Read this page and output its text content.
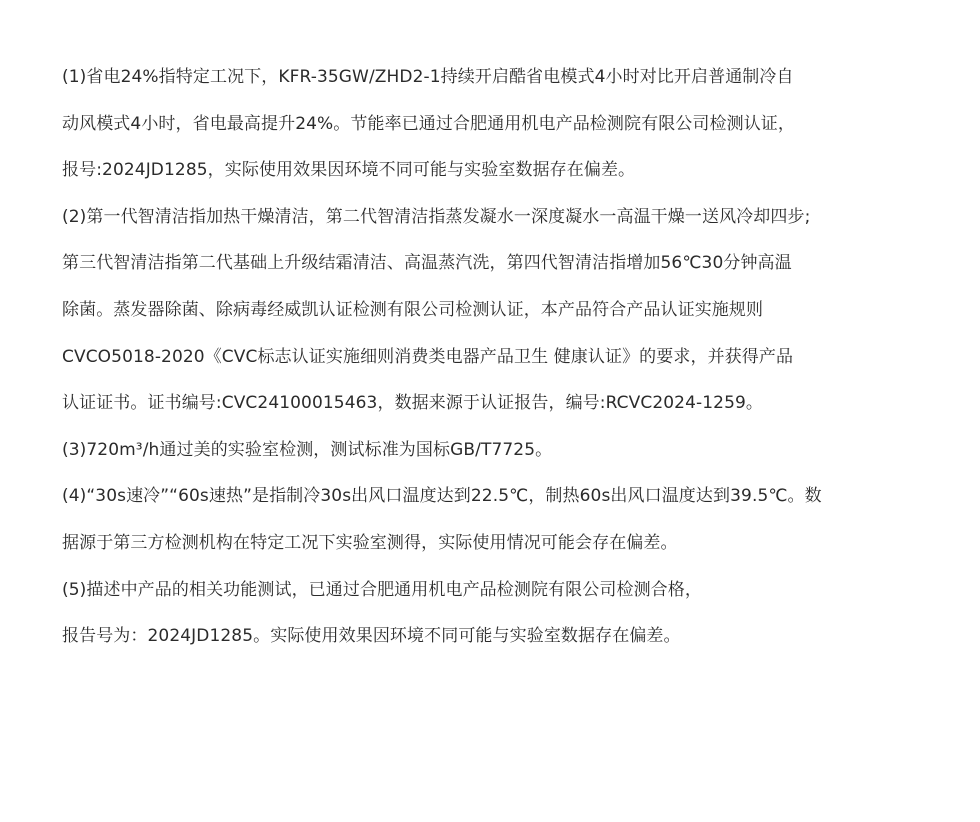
(1)省电24%指特定工况下，KFR-35GW/ZHD2-1持续开启酷省电模式4小时对比开启普通制冷自
动风模式4小时，省电最高提升24%。节能率已通过合肥通用机电产品检测院有限公司检测认证，
报号:2024JD1285，实际使用效果因环境不同可能与实验室数据存在偏差。
(2)第一代智清洁指加热干燥清洁，第二代智清洁指蒸发凝水一深度凝水一高温干燥一送风冷却四步;
第三代智清洁指第二代基础上升级结霜清洁、高温蒸汽洗，第四代智清洁指增加56℃30分钟高温
除菌。蒸发器除菌、除病毒经威凯认证检测有限公司检测认证，本产品符合产品认证实施规则
CVCO5018-2020《CVC标志认证实施细则消费类电器产品卫生 健康认证》的要求，并获得产品
认证证书。证书编号:CVC24100015463，数据来源于认证报告，编号:RCVC2024-1259。
(3)720m³/h通过美的实验室检测，测试标准为国标GB/T7725。
(4)“30s速冷”“60s速热”是指制冷30s出风口温度达到22.5℃，制热60s出风口温度达到39.5℃。数
据源于第三方检测机构在特定工况下实验室测得，实际使用情况可能会存在偏差。
(5)描述中产品的相关功能测试，已通过合肥通用机电产品检测院有限公司检测合格，
报告号为：2024JD1285。实际使用效果因环境不同可能与实验室数据存在偏差。
